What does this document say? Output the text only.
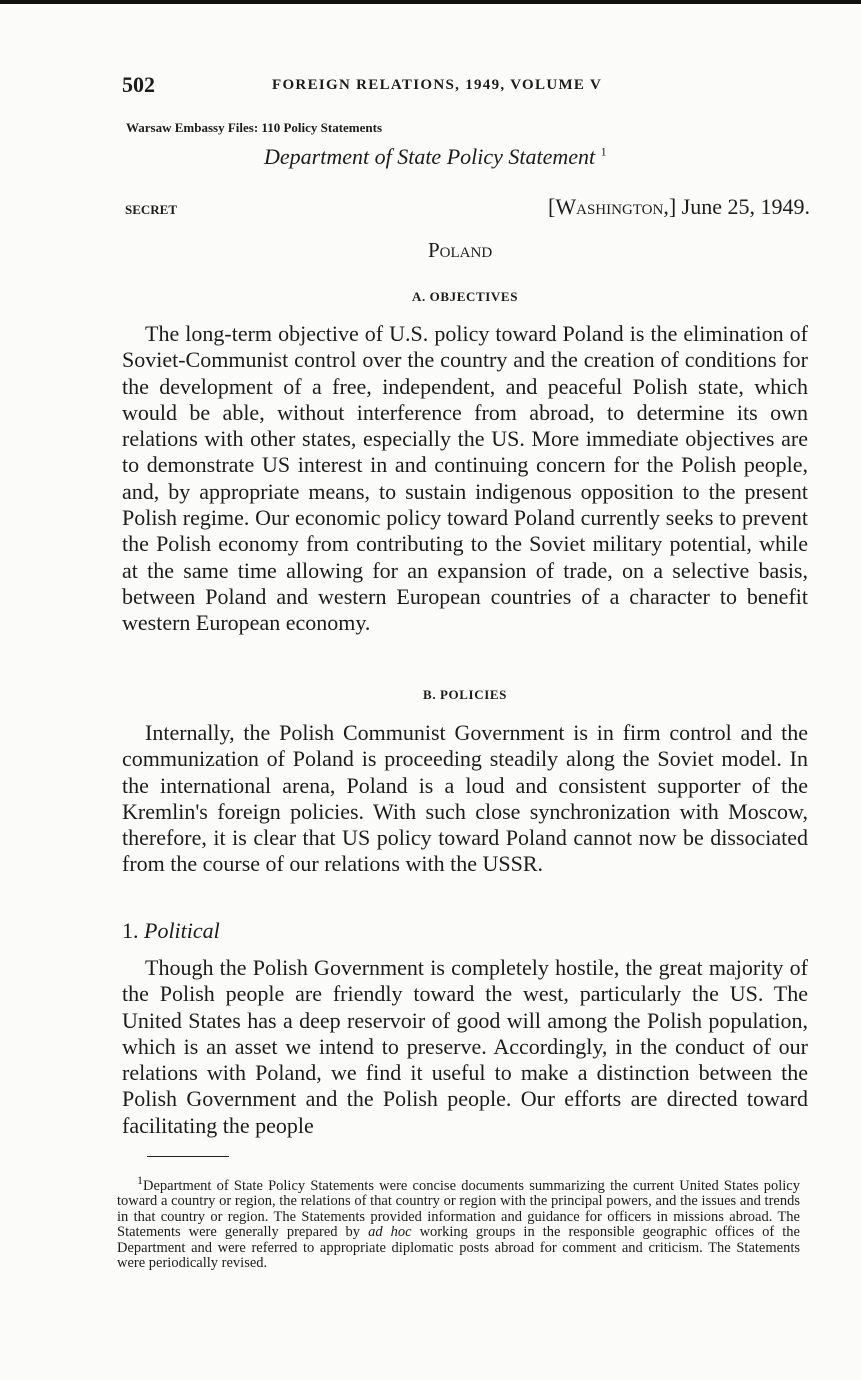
502	FOREIGN RELATIONS, 1949, VOLUME V
Warsaw Embassy Files: 110 Policy Statements
Department of State Policy Statement $^1$
SECRET	[Washington,] June 25, 1949.
Poland
A. OBJECTIVES

The long-term objective of U.S. policy toward Poland is the elimination of Soviet-Communist control over the country and the creation of conditions for the development of a free, independent, and peaceful Polish state, which would be able, without interference from abroad, to determine its own relations with other states, especially the US. More immediate objectives are to demonstrate US interest in and continuing concern for the Polish people, and, by appropriate means, to sustain indigenous opposition to the present Polish regime. Our economic policy toward Poland currently seeks to prevent the Polish economy from contributing to the Soviet military potential, while at the same time allowing for an expansion of trade, on a selective basis, between Poland and western European countries of a character to benefit western European economy.

B. POLICIES

Internally, the Polish Communist Government is in firm control and the communization of Poland is proceeding steadily along the Soviet model. In the international arena, Poland is a loud and consistent supporter of the Kremlin's foreign policies. With such close synchronization with Moscow, therefore, it is clear that US policy toward Poland cannot now be dissociated from the course of our relations with the USSR.

1. Political

Though the Polish Government is completely hostile, the great majority of the Polish people are friendly toward the west, particularly the US. The United States has a deep reservoir of good will among the Polish population, which is an asset we intend to preserve. Accordingly, in the conduct of our relations with Poland, we find it useful to make a distinction between the Polish Government and the Polish people. Our efforts are directed toward facilitating the people

$^1$Department of State Policy Statements were concise documents summarizing the current United States policy toward a country or region, the relations of that country or region with the principal powers, and the issues and trends in that country or region. The Statements provided information and guidance for officers in missions abroad. The Statements were generally prepared by ad hoc working groups in the responsible geographic offices of the Department and were referred to appropriate diplomatic posts abroad for comment and criticism. The Statements were periodically revised.
